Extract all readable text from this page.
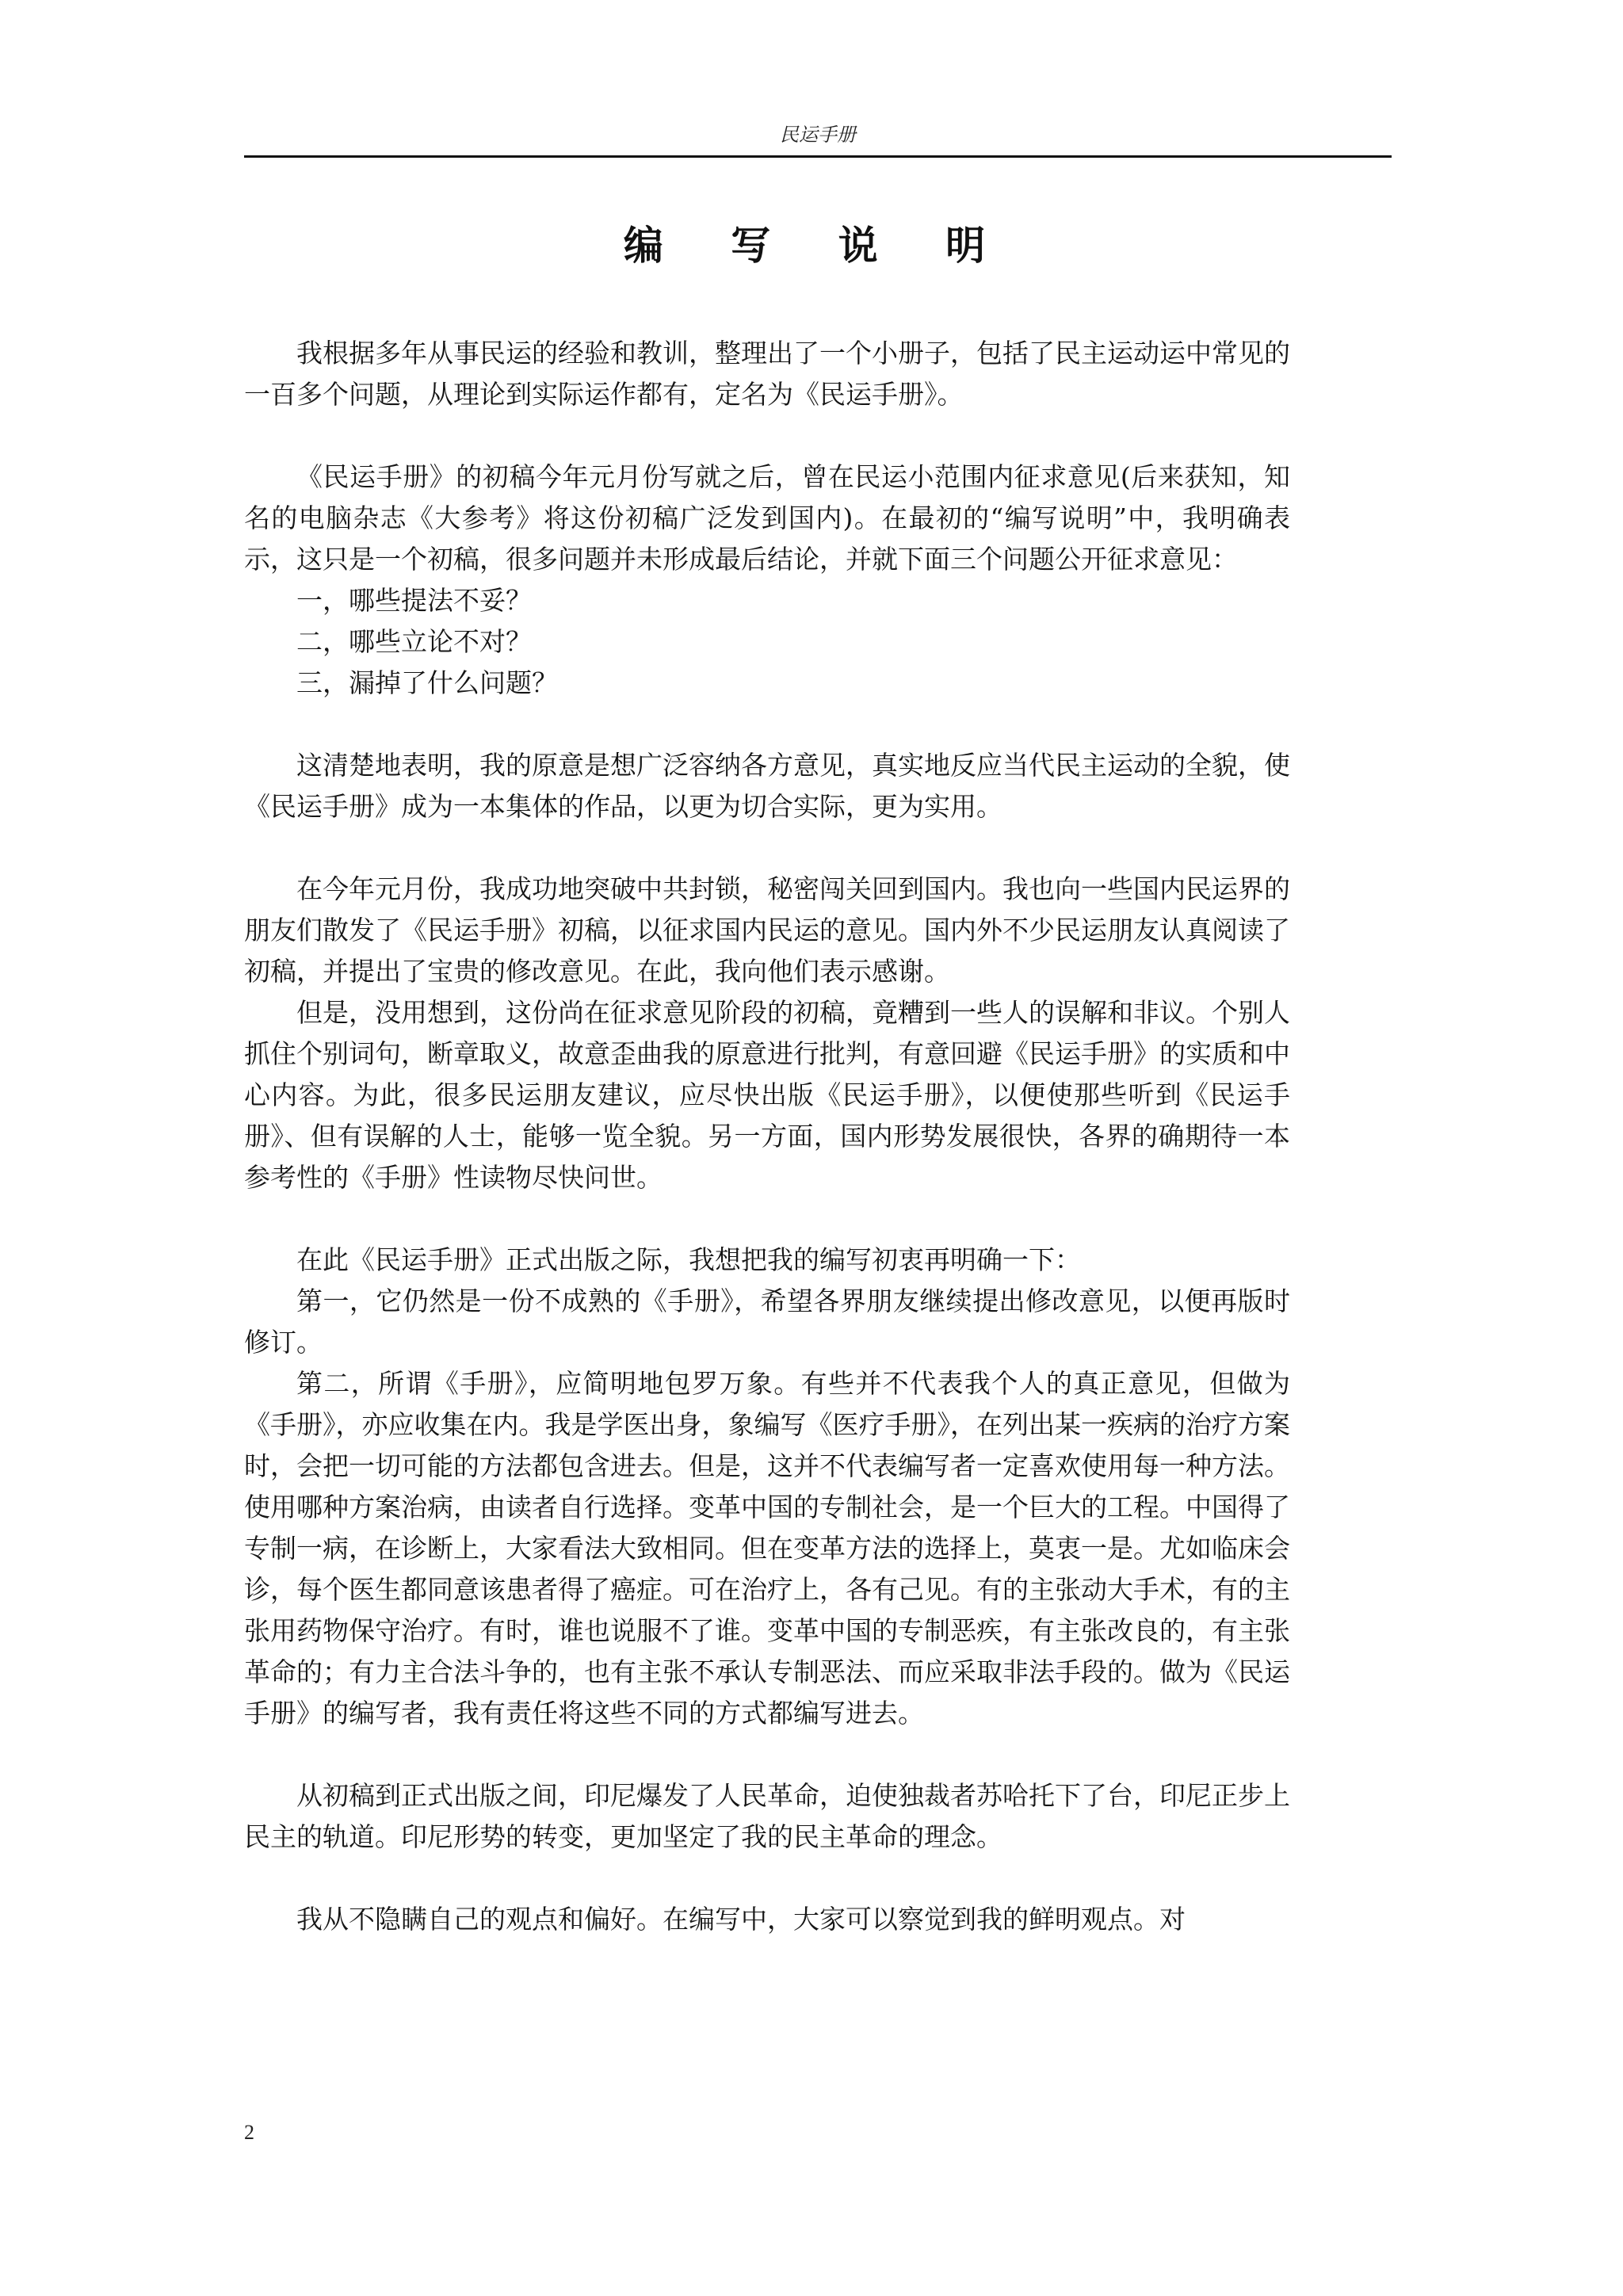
民运手册
编 写 说 明

我根据多年从事民运的经验和教训，整理出了一个小册子，包括了民主运动运中常见的一百多个问题，从理论到实际运作都有，定名为《民运手册》。

《民运手册》的初稿今年元月份写就之后，曾在民运小范围内征求意见(后来获知，知名的电脑杂志《大参考》将这份初稿广泛发到国内)。在最初的“编写说明”中，我明确表示，这只是一个初稿，很多问题并未形成最后结论，并就下面三个问题公开征求意见：

一，哪些提法不妥？

二，哪些立论不对？

三，漏掉了什么问题？

这清楚地表明，我的原意是想广泛容纳各方意见，真实地反应当代民主运动的全貌，使《民运手册》成为一本集体的作品，以更为切合实际，更为实用。

在今年元月份，我成功地突破中共封锁，秘密闯关回到国内。我也向一些国内民运界的朋友们散发了《民运手册》初稿，以征求国内民运的意见。国内外不少民运朋友认真阅读了初稿，并提出了宝贵的修改意见。在此，我向他们表示感谢。

但是，没用想到，这份尚在征求意见阶段的初稿，竟糟到一些人的误解和非议。个别人抓住个别词句，断章取义，故意歪曲我的原意进行批判，有意回避《民运手册》的实质和中心内容。为此，很多民运朋友建议，应尽快出版《民运手册》，以便使那些听到《民运手册》、但有误解的人士，能够一览全貌。另一方面，国内形势发展很快，各界的确期待一本参考性的《手册》性读物尽快问世。

在此《民运手册》正式出版之际，我想把我的编写初衷再明确一下：

第一，它仍然是一份不成熟的《手册》，希望各界朋友继续提出修改意见，以便再版时修订。

第二，所谓《手册》，应简明地包罗万象。有些并不代表我个人的真正意见，但做为《手册》，亦应收集在内。我是学医出身，象编写《医疗手册》，在列出某一疾病的治疗方案时，会把一切可能的方法都包含进去。但是，这并不代表编写者一定喜欢使用每一种方法。使用哪种方案治病，由读者自行选择。变革中国的专制社会，是一个巨大的工程。中国得了专制一病，在诊断上，大家看法大致相同。但在变革方法的选择上，莫衷一是。尤如临床会诊，每个医生都同意该患者得了癌症。可在治疗上，各有己见。有的主张动大手术，有的主张用药物保守治疗。有时，谁也说服不了谁。变革中国的专制恶疾，有主张改良的，有主张革命的；有力主合法斗争的，也有主张不承认专制恶法、而应采取非法手段的。做为《民运手册》的编写者，我有责任将这些不同的方式都编写进去。

从初稿到正式出版之间，印尼爆发了人民革命，迫使独裁者苏哈托下了台，印尼正步上民主的轨道。印尼形势的转变，更加坚定了我的民主革命的理念。

我从不隐瞒自己的观点和偏好。在编写中，大家可以察觉到我的鲜明观点。对

2
